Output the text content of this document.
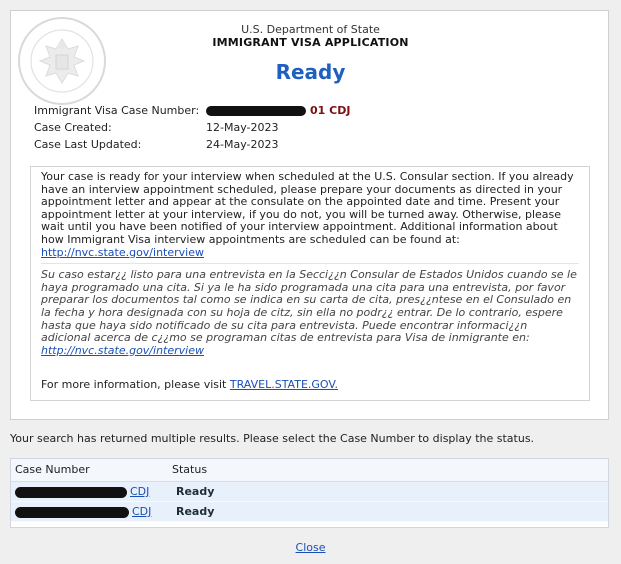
U.S. Department of State
IMMIGRANT VISA APPLICATION
Ready
Immigrant Visa Case Number:	01 CDJ
Case Created:	12-May-2023
Case Last Updated:	24-May-2023

Your case is ready for your interview when scheduled at the U.S. Consular section. If you already have an interview appointment scheduled, please prepare your documents as directed in your appointment letter and appear at the consulate on the appointed date and time. Present your appointment letter at your interview, if you do not, you will be turned away. Otherwise, please wait until you have been notified of your interview appointment. Additional information about how Immigrant Visa interview appointments are scheduled can be found at:

http://nvc.state.gov/interview

Su caso estar¿¿ listo para una entrevista en la Secci¿¿n Consular de Estados Unidos cuando se le haya programado una cita. Si ya le ha sido programada una cita para una entrevista, por favor preparar los documentos tal como se indica en su carta de cita, pres¿¿ntese en el Consulado en la fecha y hora designada con su hoja de citz, sin ella no podr¿¿ entrar. De lo contrario, espere hasta que haya sido notificado de su cita para entrevista. Puede encontrar informaci¿¿n adicional acerca de c¿¿mo se programan citas de entrevista para Visa de inmigrante en:

http://nvc.state.gov/interview

For more information, please visit TRAVEL.STATE.GOV.

Your search has returned multiple results. Please select the Case Number to display the status.
Case Number	Status
CDJ Ready
CDJ Ready
Close
